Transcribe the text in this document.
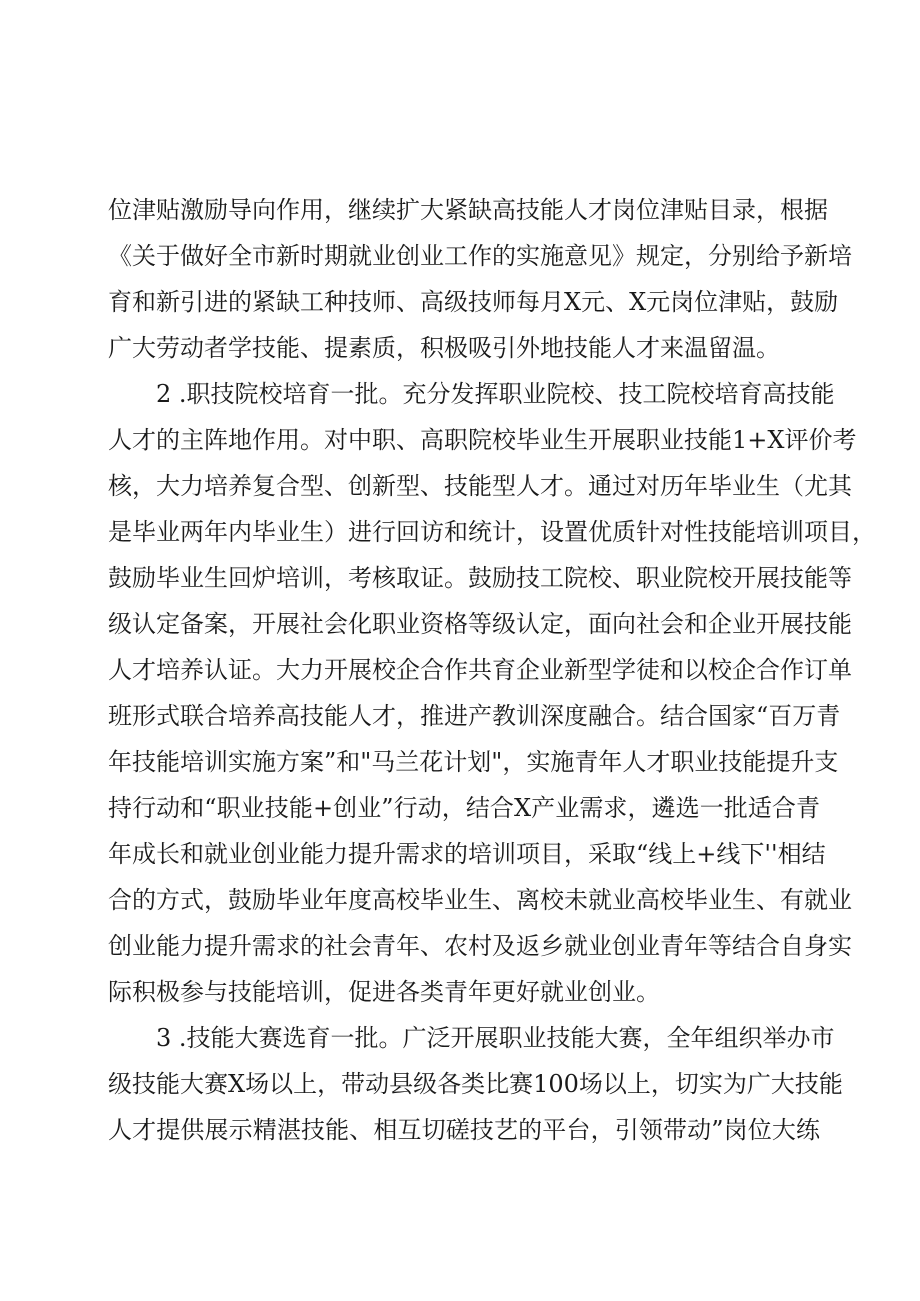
位津贴激励导向作用，继续扩大紧缺高技能人才岗位津贴目录，根据
《关于做好全市新时期就业创业工作的实施意见》规定，分别给予新培
育和新引进的紧缺工种技师、高级技师每月X元、X元岗位津贴，鼓励
广大劳动者学技能、提素质，积极吸引外地技能人才来温留温。
2 .职技院校培育一批。充分发挥职业院校、技工院校培育高技能
人才的主阵地作用。对中职、高职院校毕业生开展职业技能1+X评价考
核，大力培养复合型、创新型、技能型人才。通过对历年毕业生（尤其
是毕业两年内毕业生）进行回访和统计，设置优质针对性技能培训项目，
鼓励毕业生回炉培训，考核取证。鼓励技工院校、职业院校开展技能等
级认定备案，开展社会化职业资格等级认定，面向社会和企业开展技能
人才培养认证。大力开展校企合作共育企业新型学徒和以校企合作订单
班形式联合培养高技能人才，推进产教训深度融合。结合国家“百万青
年技能培训实施方案”和"马兰花计划"，实施青年人才职业技能提升支
持行动和“职业技能+创业”行动，结合X产业需求，遴选一批适合青
年成长和就业创业能力提升需求的培训项目，采取“线上+线下''相结
合的方式，鼓励毕业年度高校毕业生、离校未就业高校毕业生、有就业
创业能力提升需求的社会青年、农村及返乡就业创业青年等结合自身实
际积极参与技能培训，促进各类青年更好就业创业。
3 .技能大赛选育一批。广泛开展职业技能大赛，全年组织举办市
级技能大赛X场以上，带动县级各类比赛100场以上，切实为广大技能
人才提供展示精湛技能、相互切磋技艺的平台，引领带动”岗位大练
